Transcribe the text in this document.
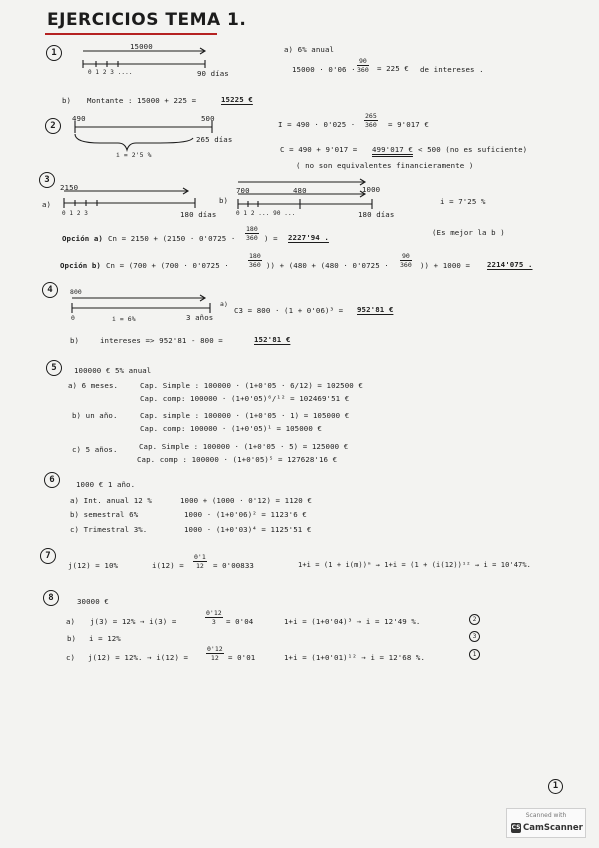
EJERCICIOS TEMA 1.
1
15000
0 1 2 3 ....	90 días
a) 6% anual
$15000 \cdot 0'06 \cdot \frac{90}{360} = 225$ € de intereses .
b) Montante : 15000 + 225 =	15225 €
2
490	500
265 días
i = 2'5 %
$I = 490 \cdot 0'025 \cdot \frac{265}{360} = 9'017$ €
C = 490 + 9'017 = 499'017 € < 500 (no es suficiente)
( no son equivalentes financieramente )
3
a)
2150
0 1 2 3	180 días
b)
700	480	1000
0 1 2 ... 90 ...	180 días
i = 7'25 %
Opción a) $Cn = 2150 + (2150 \cdot 0'0725 \cdot \frac{180}{360}$ ) = 2227'94 .
(Es mejor la b )
Opción b) Cn = (700 + (700 · 0'0725 ·	$\frac{180}{360}$ )) + ($480 + (480 \cdot 0'0725 \cdot \frac{90}{360}$ )) + 1000 = 2214'075 .
4	800
0	i = 6%	3 años
a)
C3 = 800 · (1 + 0'06)³ = 952'81 €
b)	intereses => 952'81 - 800 =	152'81 €
5	100000 € 5% anual
a) 6 meses.	Cap. Simple : 100000 · (1+0'05 · 6/12) = 102500 €
Cap. comp: 100000 · (1+0'05)⁶/¹² = 102469'51 €
b) un año.	Cap. simple : 100000 · (1+0'05 · 1) = 105000 €
Cap. comp: 100000 · (1+0'05)¹ = 105000 €
c) 5 años.	Cap. Simple : 100000 · (1+0'05 · 5) = 125000 €
Cap. comp : 100000 · (1+0'05)⁵ = 127628'16 €
6	1000 € 1 año.
a) Int. anual 12 %	1000 + (1000 · 0'12) = 1120 €
b) semestral 6%	1000 · (1+0'06)² = 1123'6 €
c) Trimestral 3%.	1000 · (1+0'03)⁴ = 1125'51 €
7
j(12) = 10%	$i(12) = \frac{0'1}{12} = 0'00833$	1+i = (1 + i(m))ᵐ → 1+i = (1 + (i(12))¹² → i = 10'47%.
8	30000 €
a) j(3) = 12% → i(3) =	$\frac{0'12}{3} = 0'04$	1+i = (1+0'04)³ → i = 12'49 %.	2
b) i = 12%	3
c) j(12) = 12%. → i(12) =	$\frac{0'12}{12} = 0'01$	1+i = (1+0'01)¹² → i = 12'68 %.	1
1
Scanned with
CS CamScanner
